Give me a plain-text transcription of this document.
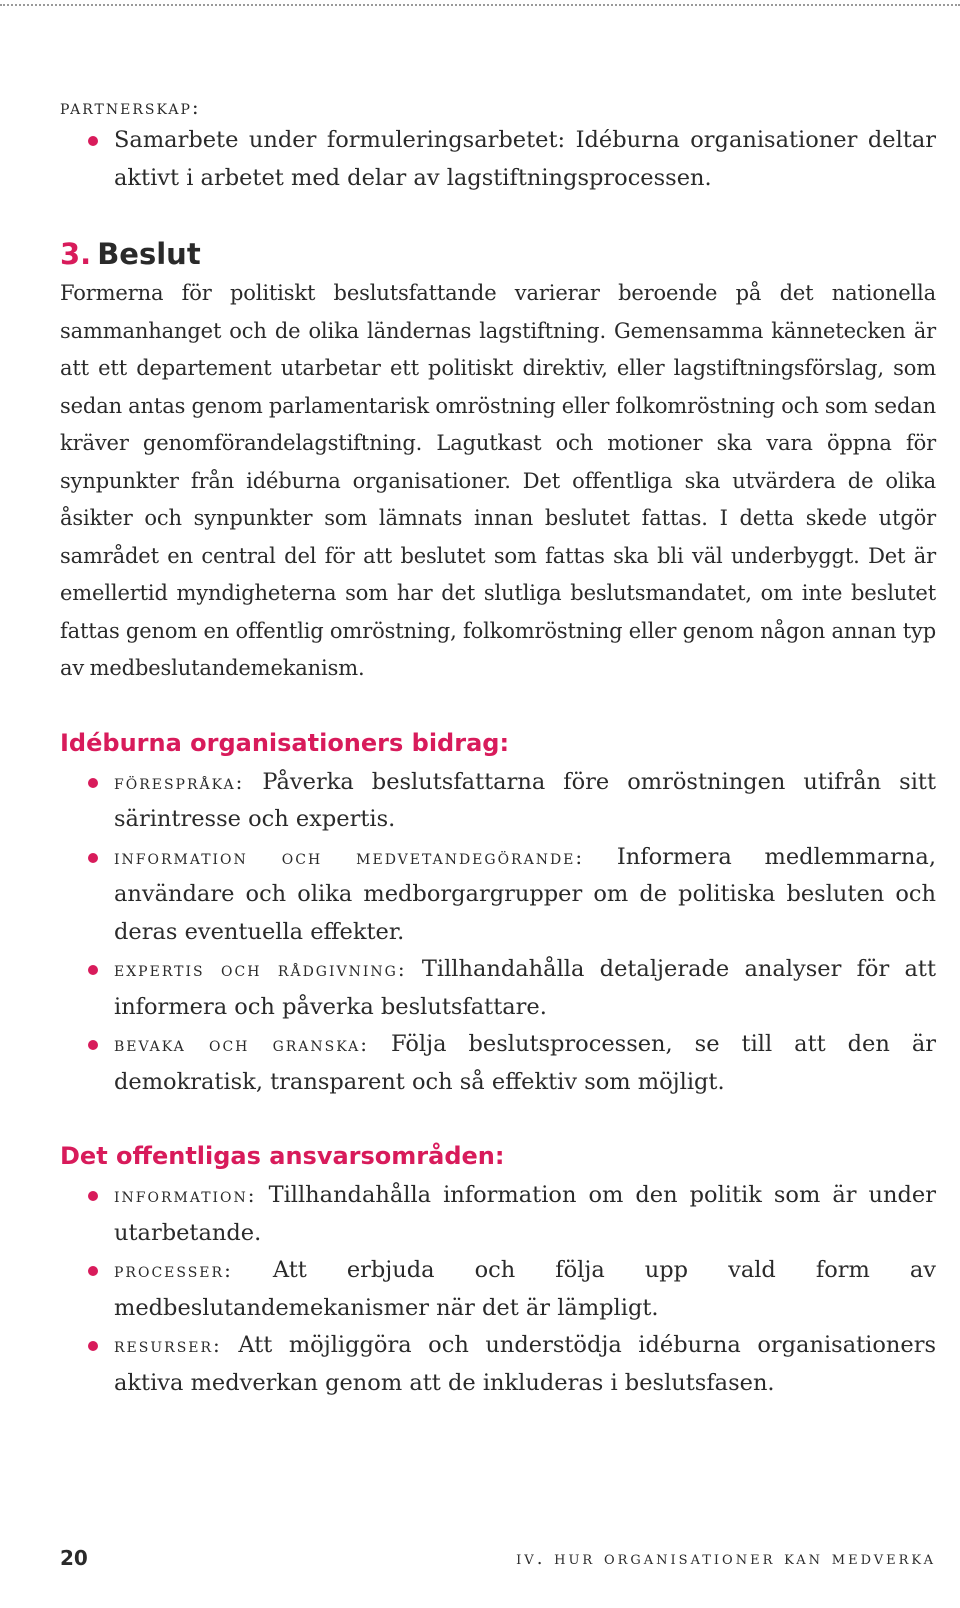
partnerskap:
Samarbete under formuleringsarbetet: Idéburna organisationer deltar aktivt i arbetet med delar av lagstiftningsprocessen.
3. Beslut

Formerna för politiskt beslutsfattande varierar beroende på det nationella sammanhanget och de olika ländernas lagstiftning. Gemensamma kännetecken är att ett departement utarbetar ett politiskt direktiv, eller lagstiftningsförslag, som sedan antas genom parlamentarisk omröstning eller folkomröstning och som sedan kräver genomförandelagstiftning. Lagutkast och motioner ska vara öppna för synpunkter från idéburna organisationer. Det offentliga ska utvärdera de olika åsikter och synpunkter som lämnats innan beslutet fattas. I detta skede utgör samrådet en central del för att beslutet som fattas ska bli väl underbyggt. Det är emellertid myndigheterna som har det slutliga beslutsmandatet, om inte beslutet fattas genom en offentlig omröstning, folkomröstning eller genom någon annan typ av medbeslutandemekanism.

Idéburna organisationers bidrag:
förespråka: Påverka beslutsfattarna före omröstningen utifrån sitt särintresse och expertis.
information och medvetandegörande: Informera medlemmarna, användare och olika medborgargrupper om de politiska besluten och deras eventuella effekter.
expertis och rådgivning: Tillhandahålla detaljerade analyser för att informera och påverka beslutsfattare.
bevaka och granska: Följa beslutsprocessen, se till att den är demokratisk, transparent och så effektiv som möjligt.
Det offentligas ansvarsområden:
information: Tillhandahålla information om den politik som är under utarbetande.
processer: Att erbjuda och följa upp vald form av medbeslutandemekanismer när det är lämpligt.
resurser: Att möjliggöra och understödja idéburna organisationers aktiva medverkan genom att de inkluderas i beslutsfasen.
20	iv. hur organisationer kan medverka
